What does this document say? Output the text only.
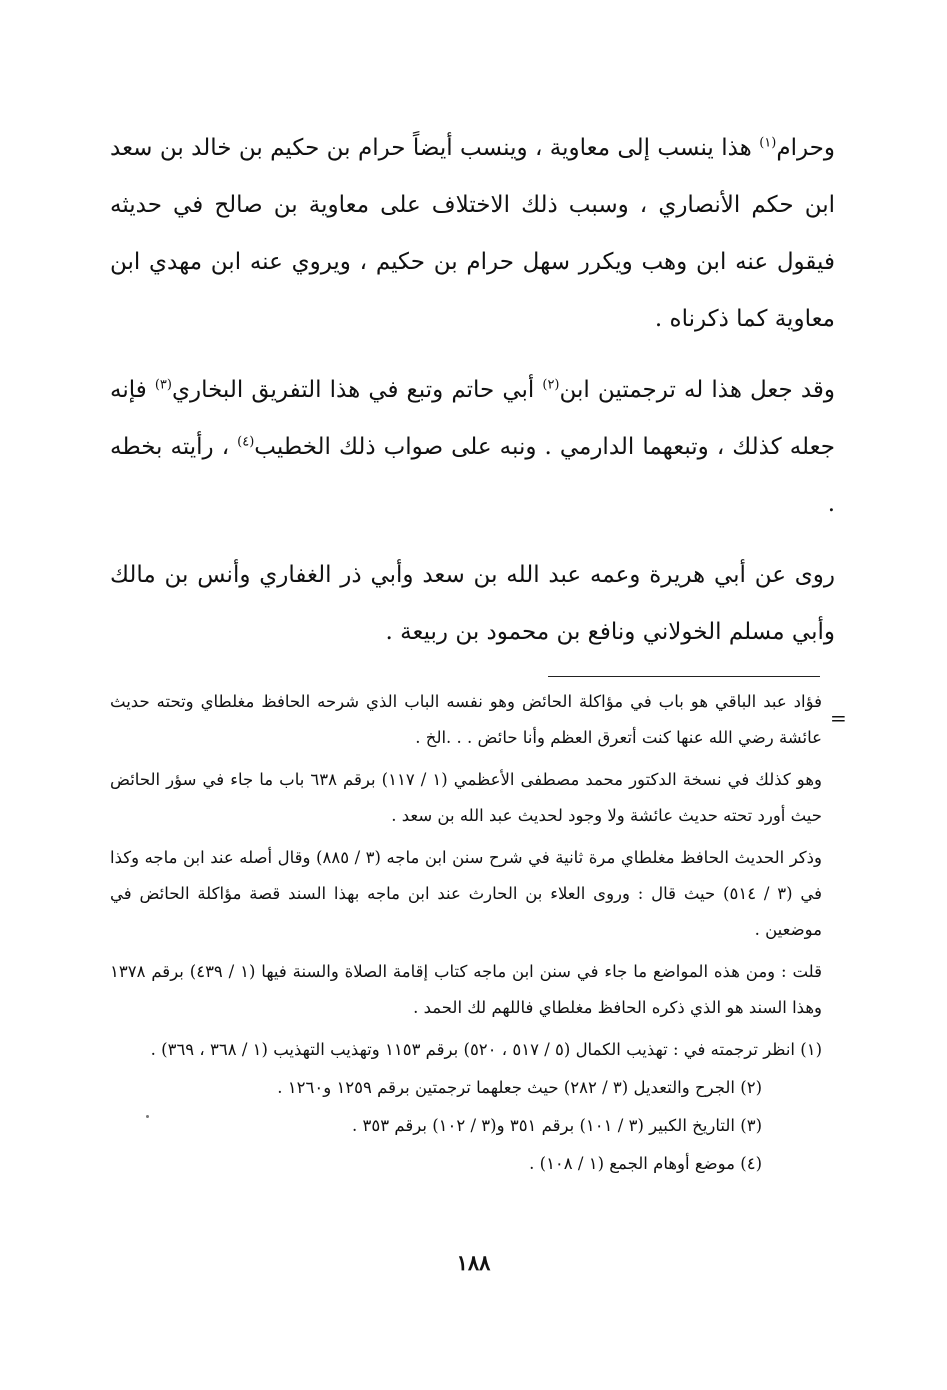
وحرام$^{(١)}$ هذا ينسب إلى معاوية ، وينسب أيضاً حرام بن حكيم بن خالد بن سعد ابن حكم الأنصاري ، وسبب ذلك الاختلاف على معاوية بن صالح في حديثه فيقول عنه ابن وهب ويكرر سهل حرام بن حكيم ، ويروي عنه ابن مهدي ابن معاوية كما ذكرناه .

وقد جعل هذا له ترجمتين ابن$^{(٢)}$ أبي حاتم وتبع في هذا التفريق البخاري$^{(٣)}$ فإنه جعله كذلك ، وتبعهما الدارمي . ونبه على صواب ذلك الخطيب$^{(٤)}$ ، رأيته بخطه .

روى عن أبي هريرة وعمه عبد الله بن سعد وأبي ذر الغفاري وأنس بن مالك وأبي مسلم الخولاني ونافع بن محمود بن ربيعة .

=

فؤاد عبد الباقي هو باب في مؤاكلة الحائض وهو نفسه الباب الذي شرحه الحافظ مغلطاي وتحته حديث عائشة رضي الله عنها كنت أتعرق العظم وأنا حائض . . .الخ .

وهو كذلك في نسخة الدكتور محمد مصطفى الأعظمي (١ / ١١٧) برقم ٦٣٨ باب ما جاء في سؤر الحائض حيث أورد تحته حديث عائشة ولا وجود لحديث عبد الله بن سعد .

وذكر الحديث الحافظ مغلطاي مرة ثانية في شرح سنن ابن ماجه (٣ / ٨٨٥) وقال أصله عند ابن ماجه وكذا في (٣ / ٥١٤) حيث قال : وروى العلاء بن الحارث عند ابن ماجه بهذا السند قصة مؤاكلة الحائض في موضعين .

قلت : ومن هذه المواضع ما جاء في سنن ابن ماجه كتاب إقامة الصلاة والسنة فيها (١ / ٤٣٩) برقم ١٣٧٨ وهذا السند هو الذي ذكره الحافظ مغلطاي فاللهم لك الحمد .

(١) انظر ترجمته في : تهذيب الكمال (٥ / ٥١٧ ، ٥٢٠) برقم ١١٥٣ وتهذيب التهذيب (١ / ٣٦٨ ، ٣٦٩) .

(٢) الجرح والتعديل (٣ / ٢٨٢) حيث جعلهما ترجمتين برقم ١٢٥٩ و١٢٦٠ .

(٣) التاريخ الكبير (٣ / ١٠١) برقم ٣٥١ و(٣ / ١٠٢) برقم ٣٥٣ .

(٤) موضع أوهام الجمع (١ / ١٠٨) .

١٨٨
